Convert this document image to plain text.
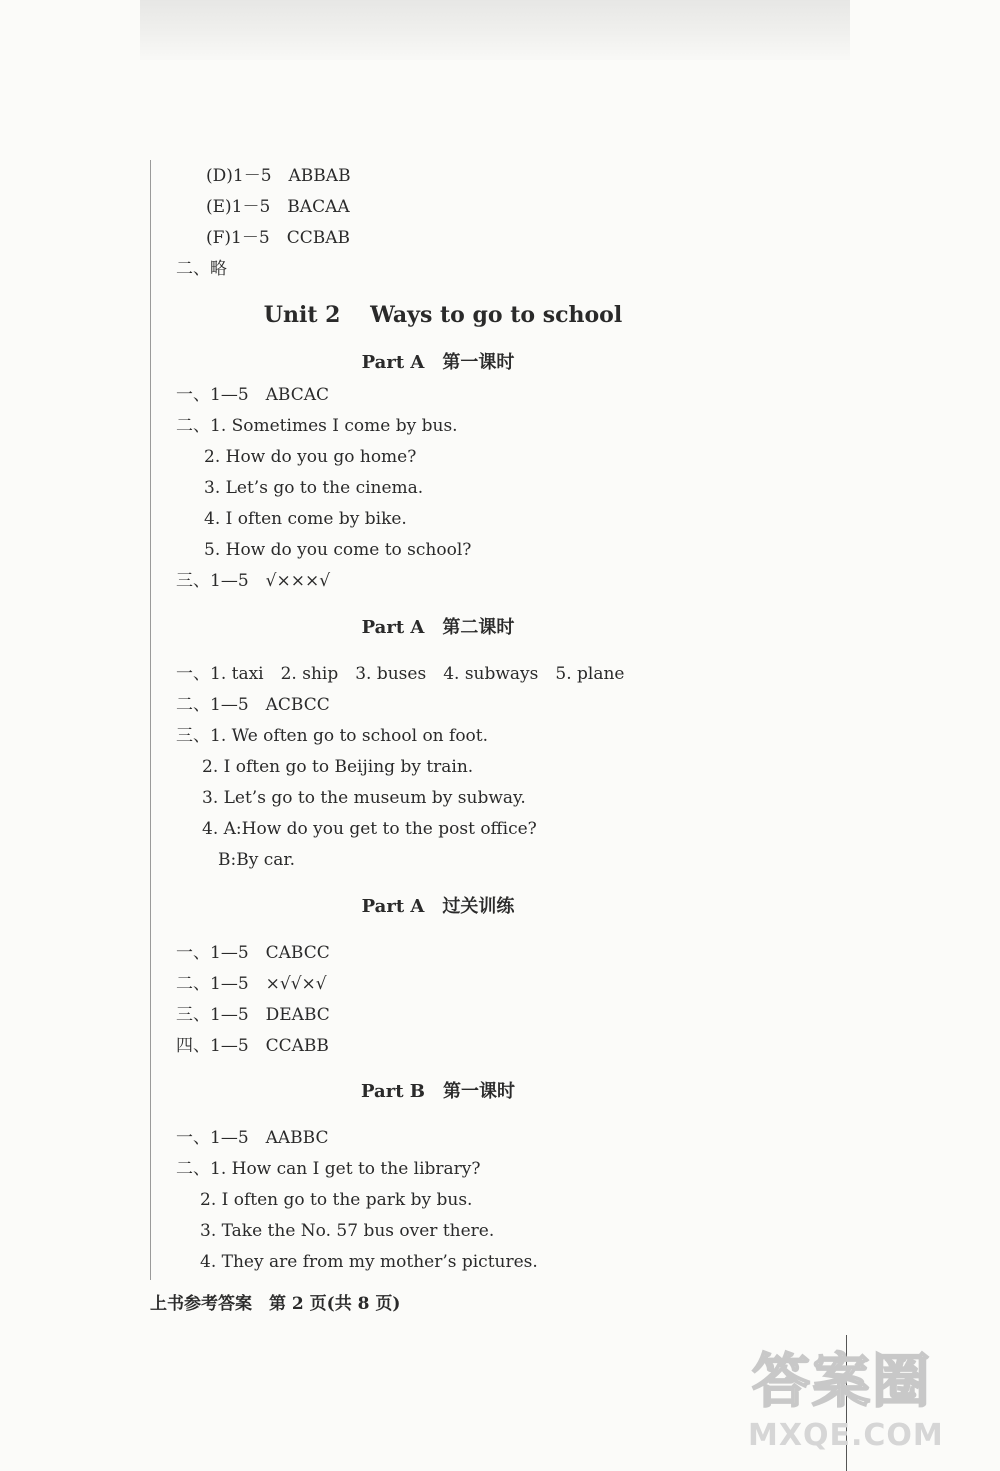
(D)1－5　ABBAB
(E)1－5　BACAA
(F)1－5　CCBAB
二、略
Unit 2　 Ways to go to school
Part A　第一课时
一、1—5　ABCAC
二、1. Sometimes I come by bus.
2. How do you go home?
3. Let’s go to the cinema.
4. I often come by bike.
5. How do you come to school?
三、1—5　√×××√
Part A　第二课时
一、1. taxi　2. ship　3. buses　4. subways　5. plane
二、1—5　ACBCC
三、1. We often go to school on foot.
2. I often go to Beijing by train.
3. Let’s go to the museum by subway.
4. A:How do you get to the post office?
B:By car.
Part A　过关训练
一、1—5　CABCC
二、1—5　×√√×√
三、1—5　DEABC
四、1—5　CCABB
Part B　第一课时
一、1—5　AABBC
二、1. How can I get to the library?
2. I often go to the park by bus.
3. Take the No. 57 bus over there.
4. They are from my mother’s pictures.
上书参考答案　第 2 页(共 8 页)
答案圈
MXQE.COM
